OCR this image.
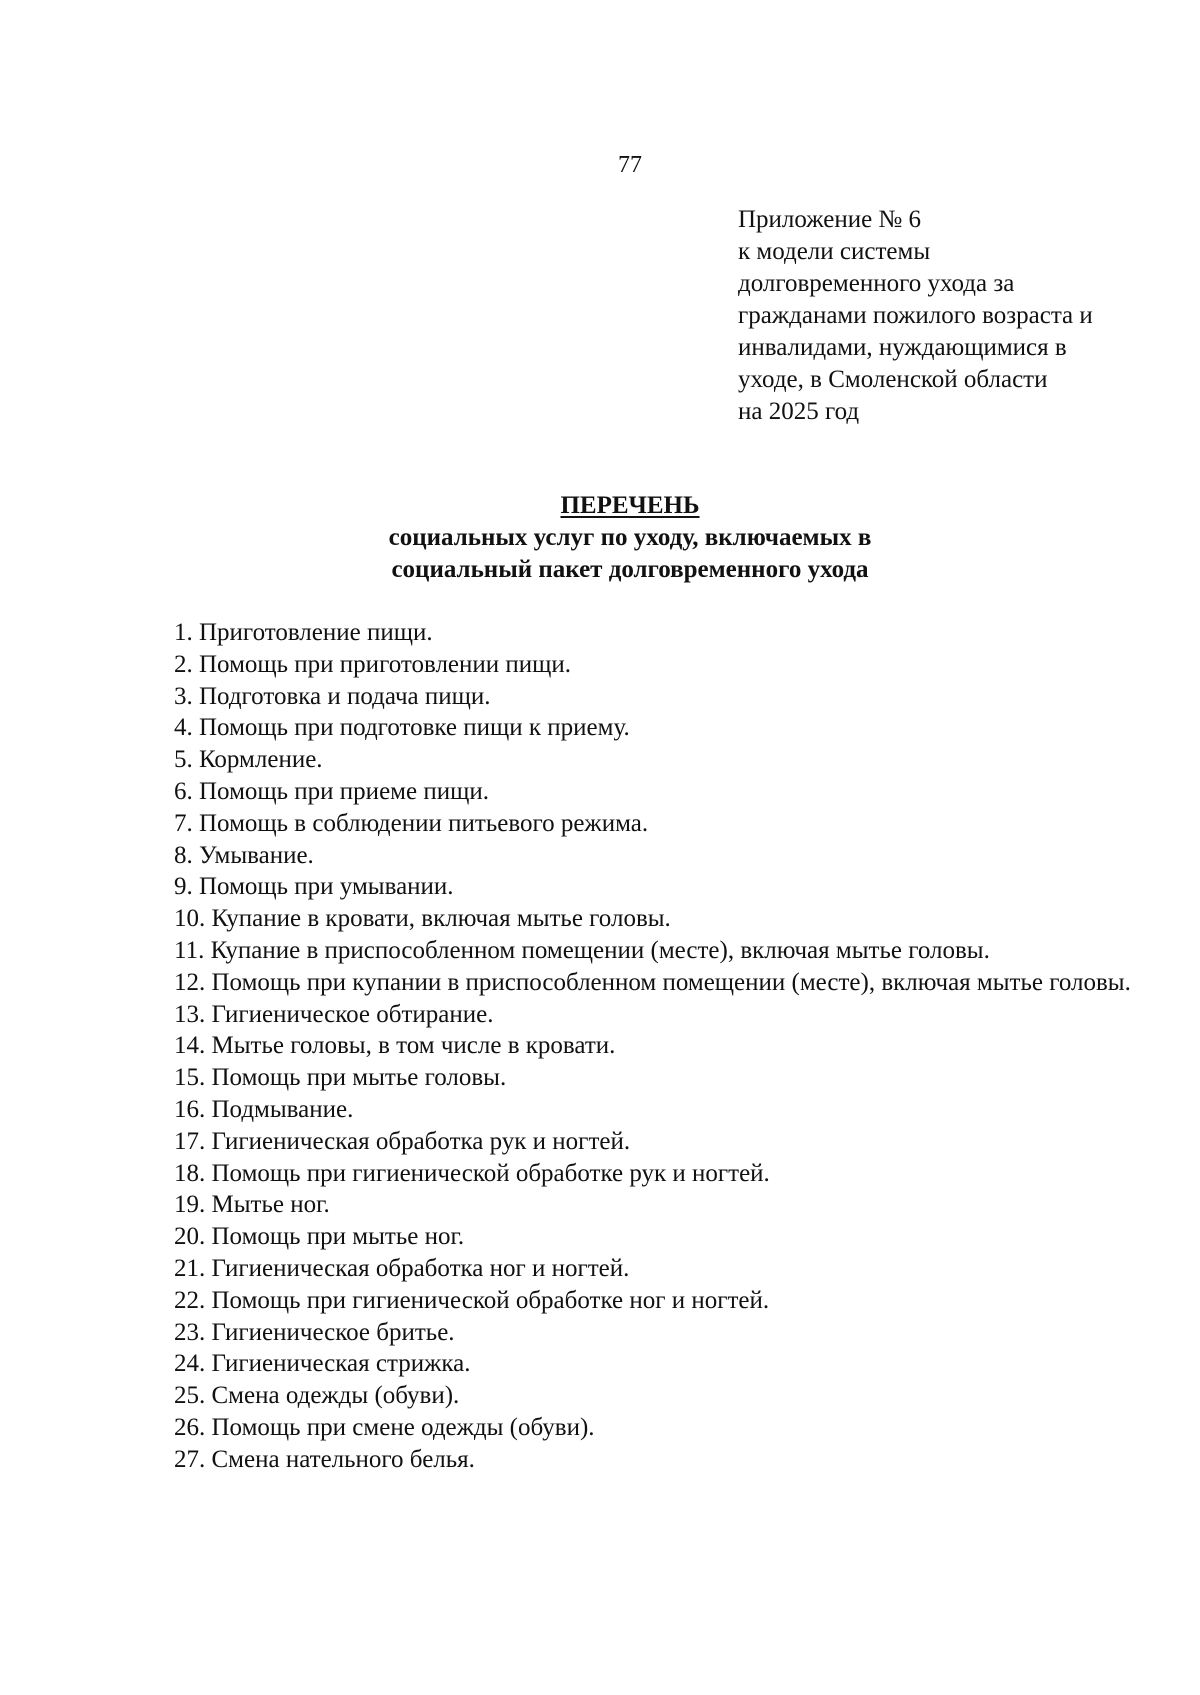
77
Приложение № 6
к модели системы
долговременного ухода за
гражданами пожилого возраста и
инвалидами, нуждающимися в
уходе, в Смоленской области
на 2025 год
ПЕРЕЧЕНЬ
социальных услуг по уходу, включаемых в
социальный пакет долговременного ухода
1. Приготовление пищи.
2. Помощь при приготовлении пищи.
3. Подготовка и подача пищи.
4. Помощь при подготовке пищи к приему.
5. Кормление.
6. Помощь при приеме пищи.
7. Помощь в соблюдении питьевого режима.
8. Умывание.
9. Помощь при умывании.
10. Купание в кровати, включая мытье головы.
11. Купание в приспособленном помещении (месте), включая мытье головы.
12. Помощь при купании в приспособленном помещении (месте), включая мытье головы.
13. Гигиеническое обтирание.
14. Мытье головы, в том числе в кровати.
15. Помощь при мытье головы.
16. Подмывание.
17. Гигиеническая обработка рук и ногтей.
18. Помощь при гигиенической обработке рук и ногтей.
19. Мытье ног.
20. Помощь при мытье ног.
21. Гигиеническая обработка ног и ногтей.
22. Помощь при гигиенической обработке ног и ногтей.
23. Гигиеническое бритье.
24. Гигиеническая стрижка.
25. Смена одежды (обуви).
26. Помощь при смене одежды (обуви).
27. Смена нательного белья.
